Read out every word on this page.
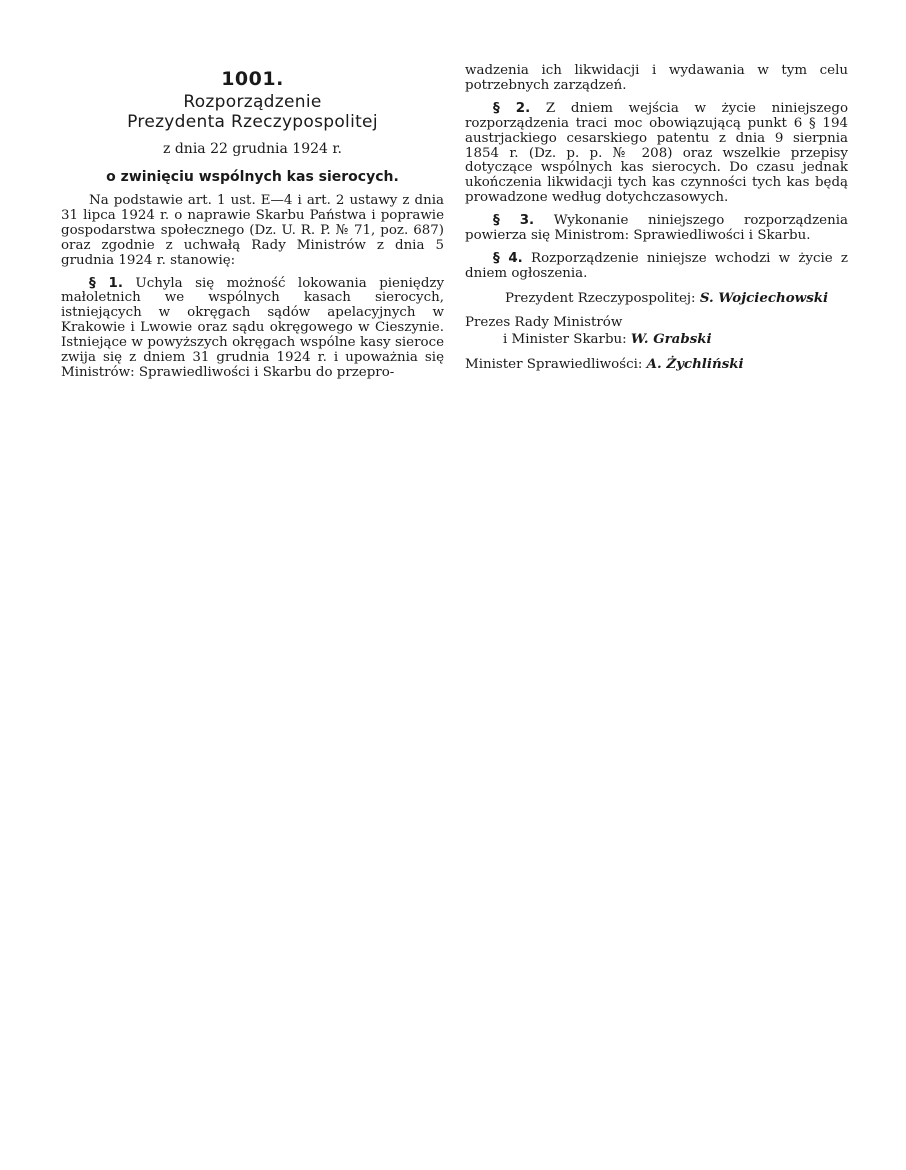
1001.
Rozporządzenie
Prezydenta Rzeczypospolitej
z dnia 22 grudnia 1924 r.
o zwinięciu wspólnych kas sierocych.

Na podstawie art. 1 ust. E—4 i art. 2 ustawy z dnia 31 lipca 1924 r. o naprawie Skarbu Państwa i poprawie gospodarstwa społecznego (Dz. U. R. P. № 71, poz. 687) oraz zgodnie z uchwałą Rady Ministrów z dnia 5 grudnia 1924 r. stanowię:

§ 1. Uchyla się możność lokowania pieniędzy małoletnich we wspólnych kasach sierocych, istniejących w okręgach sądów apelacyjnych w Krakowie i Lwowie oraz sądu okręgowego w Cieszynie. Istniejące w powyższych okręgach wspólne kasy sieroce zwija się z dniem 31 grudnia 1924 r. i upoważnia się Ministrów: Sprawiedliwości i Skarbu do przepro-

wadzenia ich likwidacji i wydawania w tym celu potrzebnych zarządzeń.

§ 2. Z dniem wejścia w życie niniejszego rozporządzenia traci moc obowiązującą punkt 6 § 194 austrjackiego cesarskiego patentu z dnia 9 sierpnia 1854 r. (Dz. p. p. № 208) oraz wszelkie przepisy dotyczące wspólnych kas sierocych. Do czasu jednak ukończenia likwidacji tych kas czynności tych kas będą prowadzone według dotychczasowych.

§ 3. Wykonanie niniejszego rozporządzenia powierza się Ministrom: Sprawiedliwości i Skarbu.

§ 4. Rozporządzenie niniejsze wchodzi w życie z dniem ogłoszenia.

Prezydent Rzeczypospolitej: S. Wojciechowski
Prezes Rady Ministrów
i Minister Skarbu: W. Grabski
Minister Sprawiedliwości: A. Żychliński
